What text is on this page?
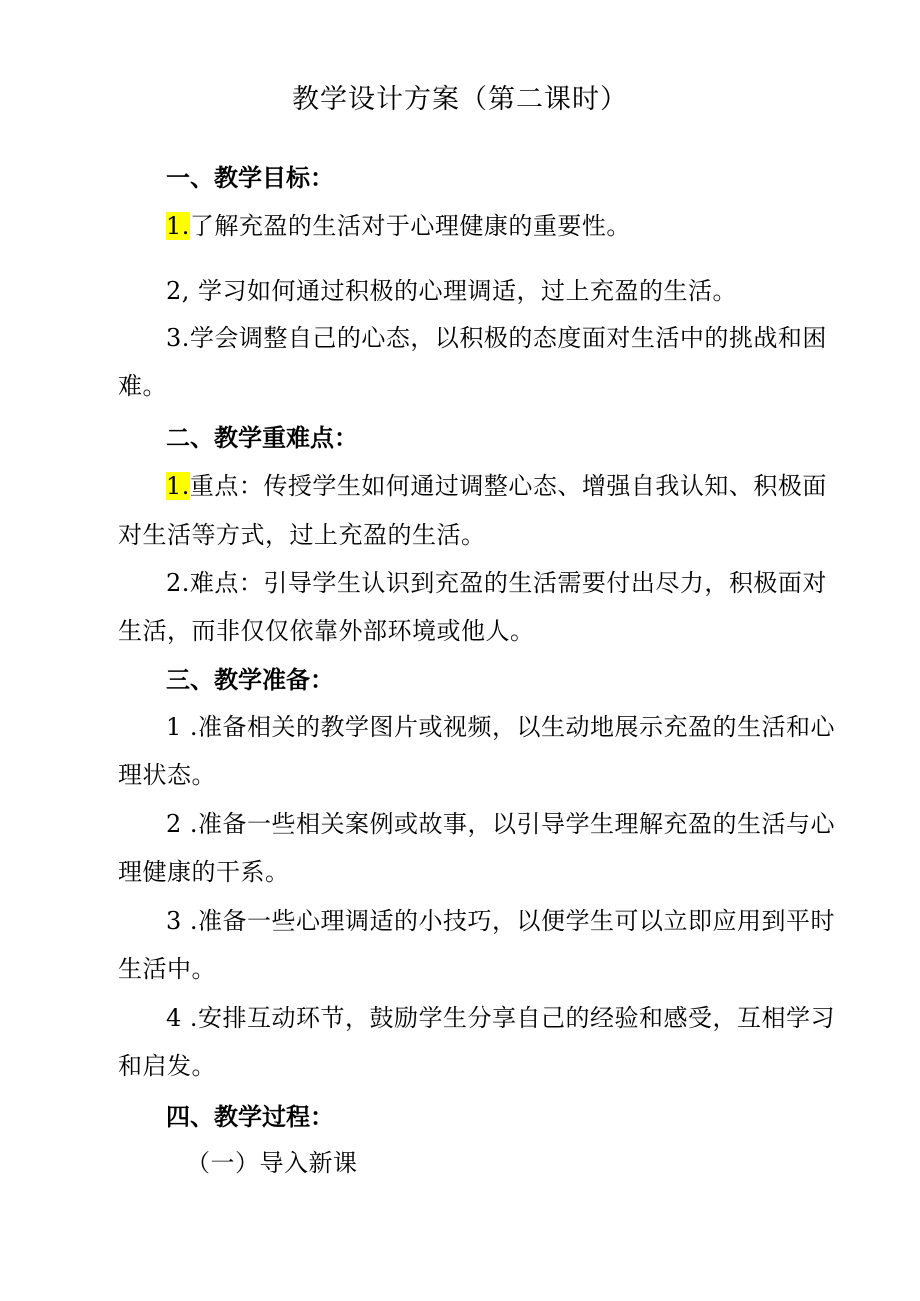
教学设计方案（第二课时）
一、教学目标：
1.了解充盈的生活对于心理健康的重要性。
2, 学习如何通过积极的心理调适，过上充盈的生活。
3.学会调整自己的心态，以积极的态度面对生活中的挑战和困
难。
二、教学重难点：
1.重点：传授学生如何通过调整心态、增强自我认知、积极面
对生活等方式，过上充盈的生活。
2.难点：引导学生认识到充盈的生活需要付出尽力，积极面对
生活，而非仅仅依靠外部环境或他人。
三、教学准备：
1 .准备相关的教学图片或视频，以生动地展示充盈的生活和心
理状态。
2 .准备一些相关案例或故事，以引导学生理解充盈的生活与心
理健康的干系。
3 .准备一些心理调适的小技巧，以便学生可以立即应用到平时
生活中。
4 .安排互动环节，鼓励学生分享自己的经验和感受，互相学习
和启发。
四、教学过程：
（一）导入新课
